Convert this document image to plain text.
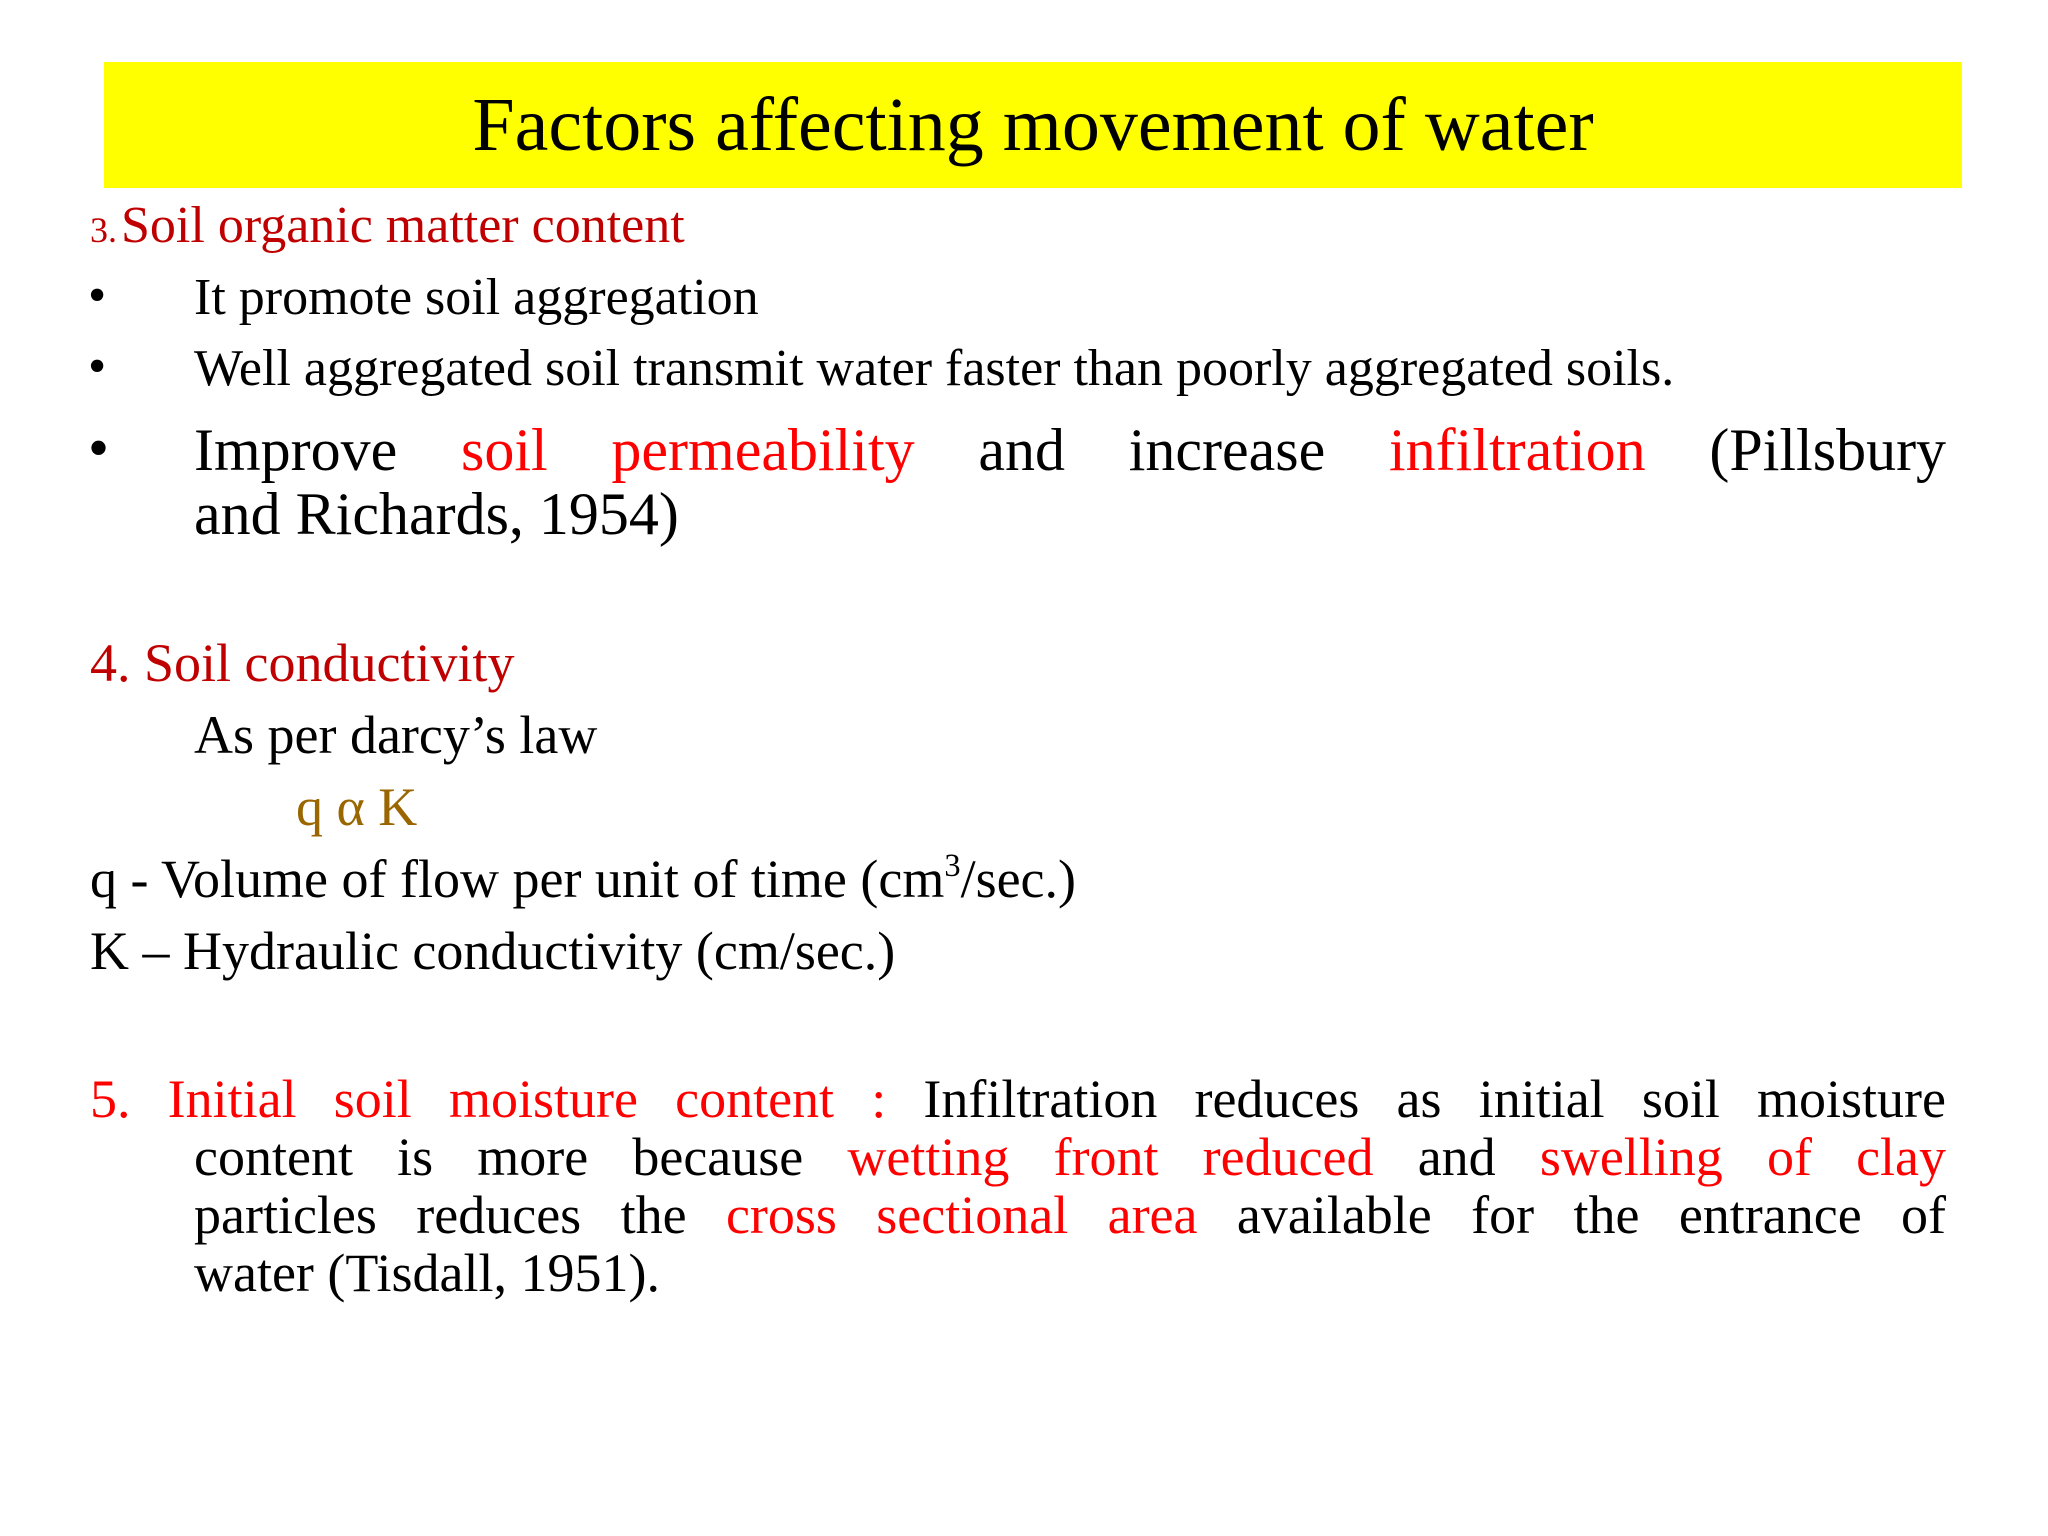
Factors affecting movement of water
3. Soil organic matter content
• It promote soil aggregation
• Well aggregated soil transmit water faster than poorly aggregated soils.
• Improve soil permeability and increase infiltration (Pillsbury
and Richards, 1954)
4. Soil conductivity
As per darcy’s law
q α K
q - Volume of flow per unit of time $(cm^3/\sec.)$
K – Hydraulic conductivity (cm/sec.)
5. Initial soil moisture content : Infiltration reduces as initial soil moisture
content is more because wetting front reduced and swelling of clay
particles reduces the cross sectional area available for the entrance of
water (Tisdall, 1951).
